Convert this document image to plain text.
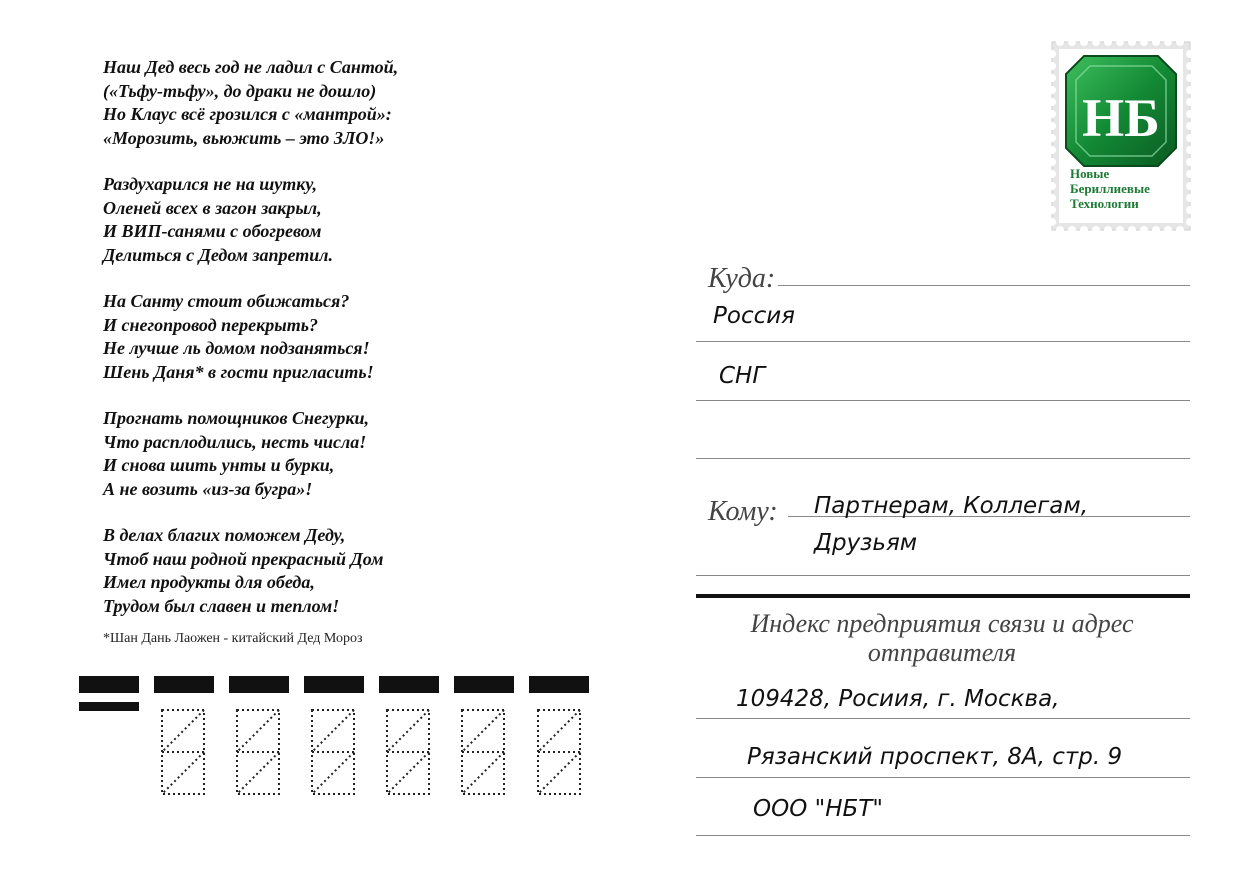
Наш Дед весь год не ладил с Сантой,
(«Тьфу-тьфу», до драки не дошло)
Но Клаус всё грозился с «мантрой»:
«Морозить, вьюжить – это ЗЛО!»
Раздухарился не на шутку,
Оленей всех в загон закрыл,
И ВИП-санями с обогревом
Делиться с Дедом запретил.
На Санту стоит обижаться?
И снегопровод перекрыть?
Не лучше ль домом подзаняться!
Шень Даня* в гости пригласить!
Прогнать помощников Снегурки,
Что расплодились, несть числа!
И снова шить унты и бурки,
А не возить «из-за бугра»!
В делах благих поможем Деду,
Чтоб наш родной прекрасный Дом
Имел продукты для обеда,
Трудом был славен и теплом!
*Шан Дань Лаожен - китайский Дед Мороз
НБ
Новые
Бериллиевые
Технологии
Куда:
Россия
СНГ
Кому: Партнерам, Коллегам,
Друзьям
Индекс предприятия связи и адрес отправителя
109428, Росиия, г. Москва,
Рязанский проспект, 8А, стр. 9
ООО "НБТ"
